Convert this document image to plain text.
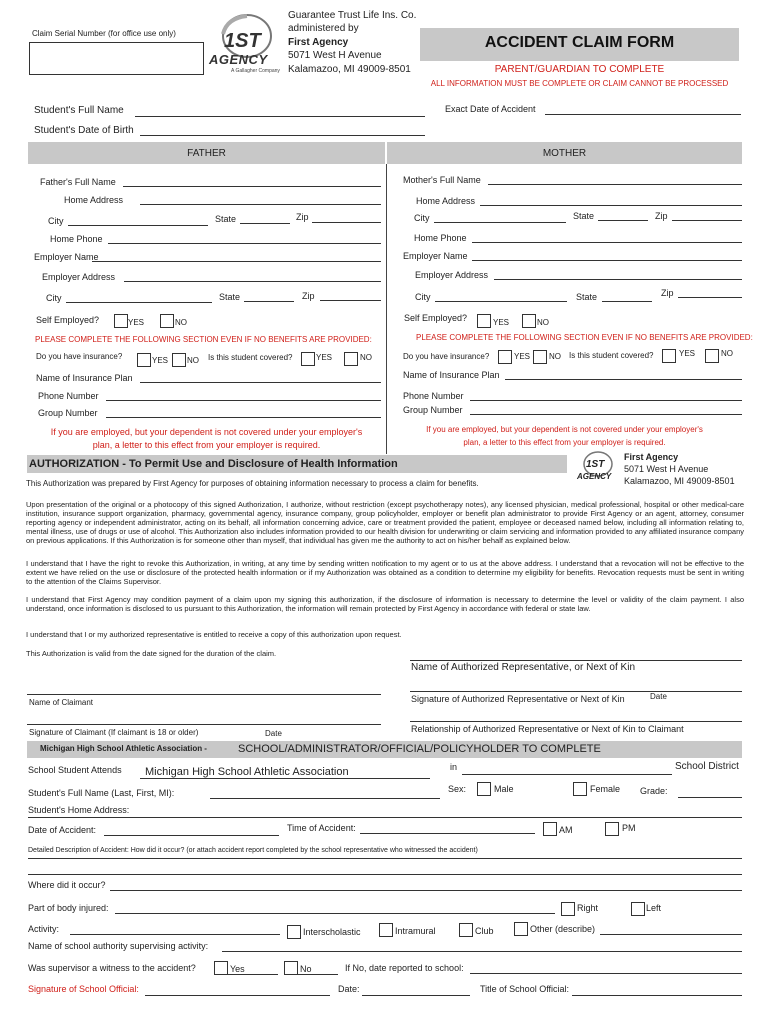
Claim Serial Number (for office use only) 1ST
AGENCY
A Gallagher Company
Guarantee Trust Life Ins. Co.
administered by
First Agency
5071 West H Avenue
Kalamazoo, MI 49009-8501
ACCIDENT CLAIM FORM
PARENT/GUARDIAN TO COMPLETE
ALL INFORMATION MUST BE COMPLETE OR CLAIM CANNOT BE PROCESSED
Student's Full Name	Exact Date of Accident
Student's Date of Birth
FATHER	MOTHER
Father's Full Name
Home Address
City	State	Zip
Home Phone
Employer Name
Employer Address
City	State	Zip
Self Employed?	YES	NO
PLEASE COMPLETE THE FOLLOWING SECTION EVEN IF NO BENEFITS ARE PROVIDED:
Do you have insurance?	YES NO Is this student covered?	YES	NO
Name of Insurance Plan
Phone Number
Group Number
If you are employed, but your dependent is not covered under your employer's
plan, a letter to this effect from your employer is required.
Mother's Full Name
Home Address
City	State	Zip
Home Phone
Employer Name
Employer Address
City	State	Zip
Self Employed?	YES	NO
PLEASE COMPLETE THE FOLLOWING SECTION EVEN IF NO BENEFITS ARE PROVIDED:
Do you have insurance?	YES NO Is this student covered?	YES	NO
Name of Insurance Plan
Phone Number
Group Number
If you are employed, but your dependent is not covered under your employer's
plan, a letter to this effect from your employer is required.
AUTHORIZATION - To Permit Use and Disclosure of Health Information
This Authorization was prepared by First Agency for purposes of obtaining information necessary to process a claim for benefits.
1ST
AGENCY
First Agency
5071 West H Avenue
Kalamazoo, MI 49009-8501
Upon presentation of the original or a photocopy of this signed Authorization, I authorize, without restriction (except psychotherapy notes), any licensed physician, medical professional, hospital or other medical-care institution, insurance support organization, pharmacy, governmental agency, insurance company, group policyholder, employer or benefit plan administrator to provide First Agency or an agent, attorney, consumer reporting agency or independent administrator, acting on its behalf, all information concerning advice, care or treatment provided the patient, employee or deceased named below, including all information relating to, mental illness, use of drugs or use of alcohol. This Authorization also includes information provided to our health division for underwriting or claim servicing and information provided to any affiliated insurance company on previous applications. If this Authorization is for someone other than myself, that individual has given me the authority to act on his/her behalf as explained below.
I understand that I have the right to revoke this Authorization, in writing, at any time by sending written notification to my agent or to us at the above address. I understand that a revocation will not be effective to the extent we have relied on the use or disclosure of the protected health information or if my Authorization was obtained as a condition to determine my eligibility for benefits. Revocation requests must be sent in writing to the attention of the Claims Supervisor.
I understand that First Agency may condition payment of a claim upon my signing this authorization, if the disclosure of information is necessary to determine the level or validity of the claim payment. I also understand, once information is disclosed to us pursuant to this Authorization, the information will remain protected by First Agency in accordance with federal or state law.
I understand that I or my authorized representative is entitled to receive a copy of this authorization upon request.
This Authorization is valid from the date signed for the duration of the claim.
Name of Authorized Representative, or Next of Kin
Name of Claimant	Signature of Authorized Representative or Next of Kin	Date
Signature of Claimant (If claimant is 18 or older)	Date	Relationship of Authorized Representative or Next of Kin to Claimant
Michigan High School Athletic Association -	SCHOOL/ADMINISTRATOR/OFFICIAL/POLICYHOLDER TO COMPLETE
School Student Attends Michigan High School Athletic Association	in	School District
Student's Full Name (Last, First, MI):	Sex:	Male	Female Grade:
Student's Home Address:
Date of Accident:	Time of Accident:	AM	PM
Detailed Description of Accident: How did it occur? (or attach accident report completed by the school representative who witnessed the accident)
Where did it occur?
Part of body injured:	Right	Left
Activity:	Interscholastic	Intramural	Club	Other (describe)
Name of school authority supervising activity:
Was supervisor a witness to the accident?	Yes	No	If No, date reported to school:
Signature of School Official:	Date:	Title of School Official:
